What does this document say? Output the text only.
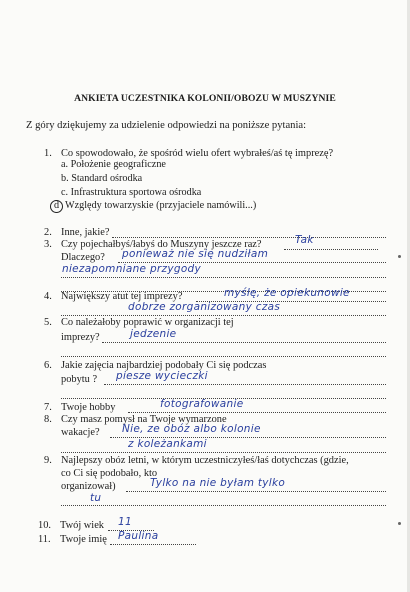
ANKIETA UCZESTNIKA KOLONII/OBOZU W MUSZYNIE
Z góry dziękujemy za udzielenie odpowiedzi na poniższe pytania:
1. Co spowodowało, że spośród wielu ofert wybrałeś/aś tę imprezę?
a. Położenie geograficzne
b. Standard ośrodka
c. Infrastruktura sportowa ośrodka
d Względy towarzyskie (przyjaciele namówili...)
2. Inne, jakie?
3. Czy pojechałbyś/łabyś do Muszyny jeszcze raz?	Tak
Dlaczego? ponieważ nie się nudziłam
niezapomniane przygody
4. Największy atut tej imprezy?	myślę, że opiekunowie
dobrze zorganizowany czas
5. Co należałoby poprawić w organizacji tej
imprezy?	jedzenie
6. Jakie zajęcia najbardziej podobały Ci się podczas
pobytu ? piesze wycieczki
7. Twoje hobby	fotografowanie
8. Czy masz pomysł na Twoje wymarzone
wakacje? Nie, ze obóz albo kolonie
z koleżankami
9. Najlepszy obóz letni, w którym uczestniczyłeś/łaś dotychczas (gdzie,
co Ci się podobało, kto
organizował)	Tylko na nie byłam tylko
tu
10. Twój wiek 11
11. Twoje imię Paulina
